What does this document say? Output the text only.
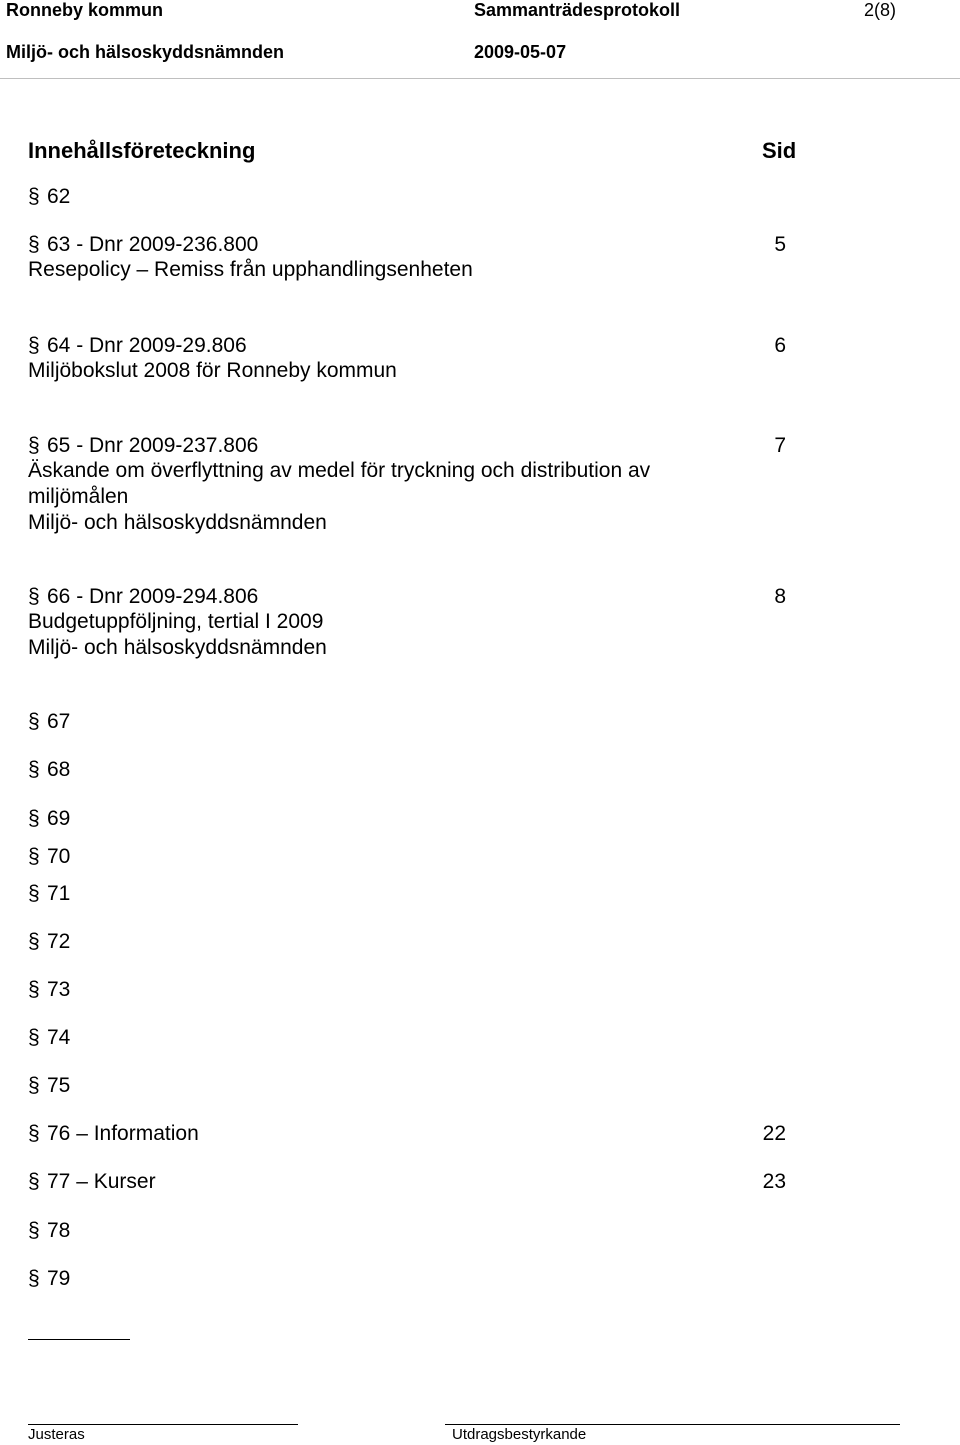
Ronneby kommun	Sammanträdesprotokoll	2(8)
Miljö- och hälsoskyddsnämnden	2009-05-07
Innehållsföreteckning	Sid
§ 62
§ 63 - Dnr 2009-236.800
Resepolicy – Remiss från upphandlingsenheten
5
§ 64 - Dnr 2009-29.806
Miljöbokslut 2008 för Ronneby kommun
6
§ 65 - Dnr 2009-237.806
Äskande om överflyttning av medel för tryckning och distribution av
miljömålen
Miljö- och hälsoskyddsnämnden
7
§ 66 - Dnr 2009-294.806
Budgetuppföljning, tertial I 2009
Miljö- och hälsoskyddsnämnden
8
§ 67
§ 68
§ 69
§ 70
§ 71
§ 72
§ 73
§ 74
§ 75
§ 76 – Information	22
§ 77 – Kurser	23
§ 78
§ 79
Justeras	Utdragsbestyrkande
